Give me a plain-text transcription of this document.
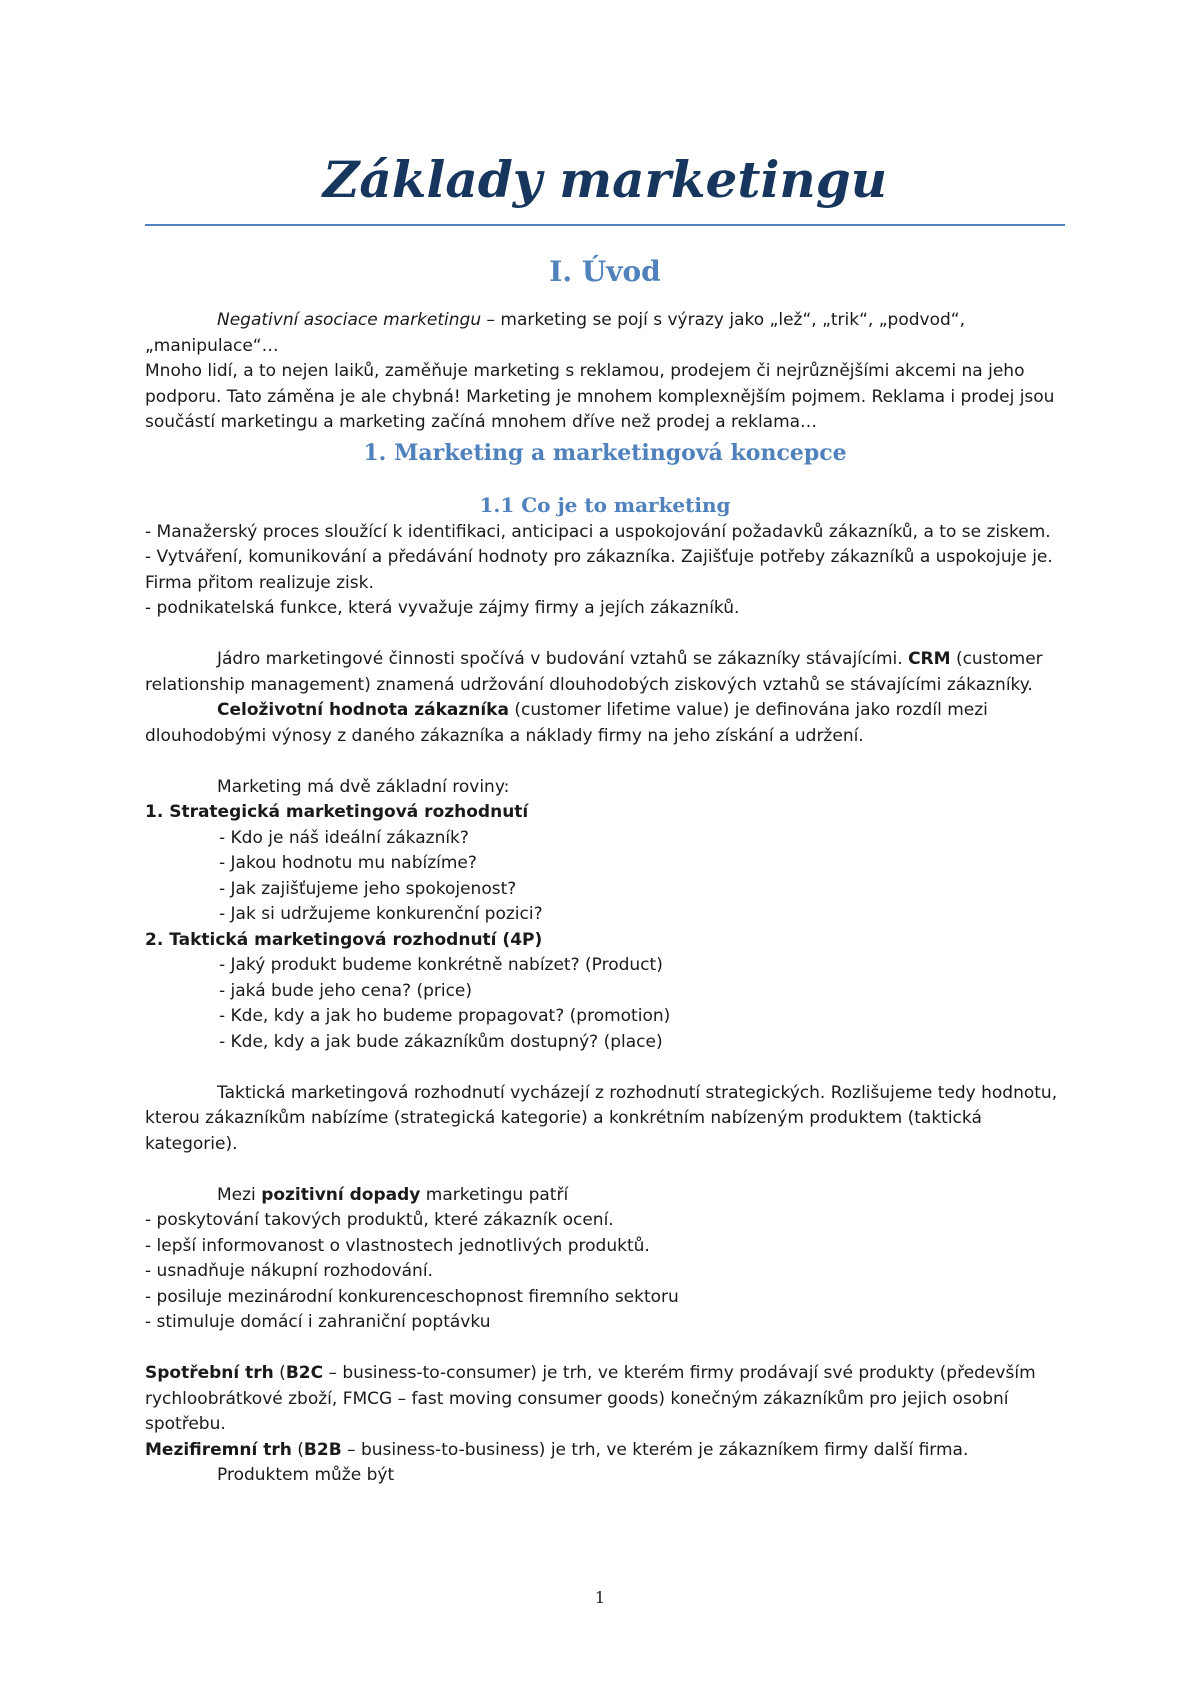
Základy marketingu
I. Úvod

Negativní asociace marketingu – marketing se pojí s výrazy jako „lež“, „trik“, „podvod“, „manipulace“…

Mnoho lidí, a to nejen laiků, zaměňuje marketing s reklamou, prodejem či nejrůznějšími akcemi na jeho podporu. Tato záměna je ale chybná! Marketing je mnohem komplexnějším pojmem. Reklama i prodej jsou součástí marketingu a marketing začíná mnohem dříve než prodej a reklama…

1. Marketing a marketingová koncepce
1.1 Co je to marketing

- Manažerský proces sloužící k identifikaci, anticipaci a uspokojování požadavků zákazníků, a to se ziskem.

- Vytváření, komunikování a předávání hodnoty pro zákazníka. Zajišťuje potřeby zákazníků a uspokojuje je. Firma přitom realizuje zisk.

- podnikatelská funkce, která vyvažuje zájmy firmy a jejích zákazníků.

Jádro marketingové činnosti spočívá v budování vztahů se zákazníky stávajícími. CRM (customer relationship management) znamená udržování dlouhodobých ziskových vztahů se stávajícími zákazníky.

Celoživotní hodnota zákazníka (customer lifetime value) je definována jako rozdíl mezi dlouhodobými výnosy z daného zákazníka a náklady firmy na jeho získání a udržení.

Marketing má dvě základní roviny:

1. Strategická marketingová rozhodnutí

- Kdo je náš ideální zákazník?

- Jakou hodnotu mu nabízíme?

- Jak zajišťujeme jeho spokojenost?

- Jak si udržujeme konkurenční pozici?

2. Taktická marketingová rozhodnutí (4P)

- Jaký produkt budeme konkrétně nabízet? (Product)

- jaká bude jeho cena? (price)

- Kde, kdy a jak ho budeme propagovat? (promotion)

- Kde, kdy a jak bude zákazníkům dostupný? (place)

Taktická marketingová rozhodnutí vycházejí z rozhodnutí strategických. Rozlišujeme tedy hodnotu, kterou zákazníkům nabízíme (strategická kategorie) a konkrétním nabízeným produktem (taktická kategorie).

Mezi pozitivní dopady marketingu patří

- poskytování takových produktů, které zákazník ocení.

- lepší informovanost o vlastnostech jednotlivých produktů.

- usnadňuje nákupní rozhodování.

- posiluje mezinárodní konkurenceschopnost firemního sektoru

- stimuluje domácí i zahraniční poptávku

Spotřební trh (B2C – business-to-consumer) je trh, ve kterém firmy prodávají své produkty (především rychloobrátkové zboží, FMCG – fast moving consumer goods) konečným zákazníkům pro jejich osobní spotřebu.

Mezifiremní trh (B2B – business-to-business) je trh, ve kterém je zákazníkem firmy další firma.

Produktem může být

1
